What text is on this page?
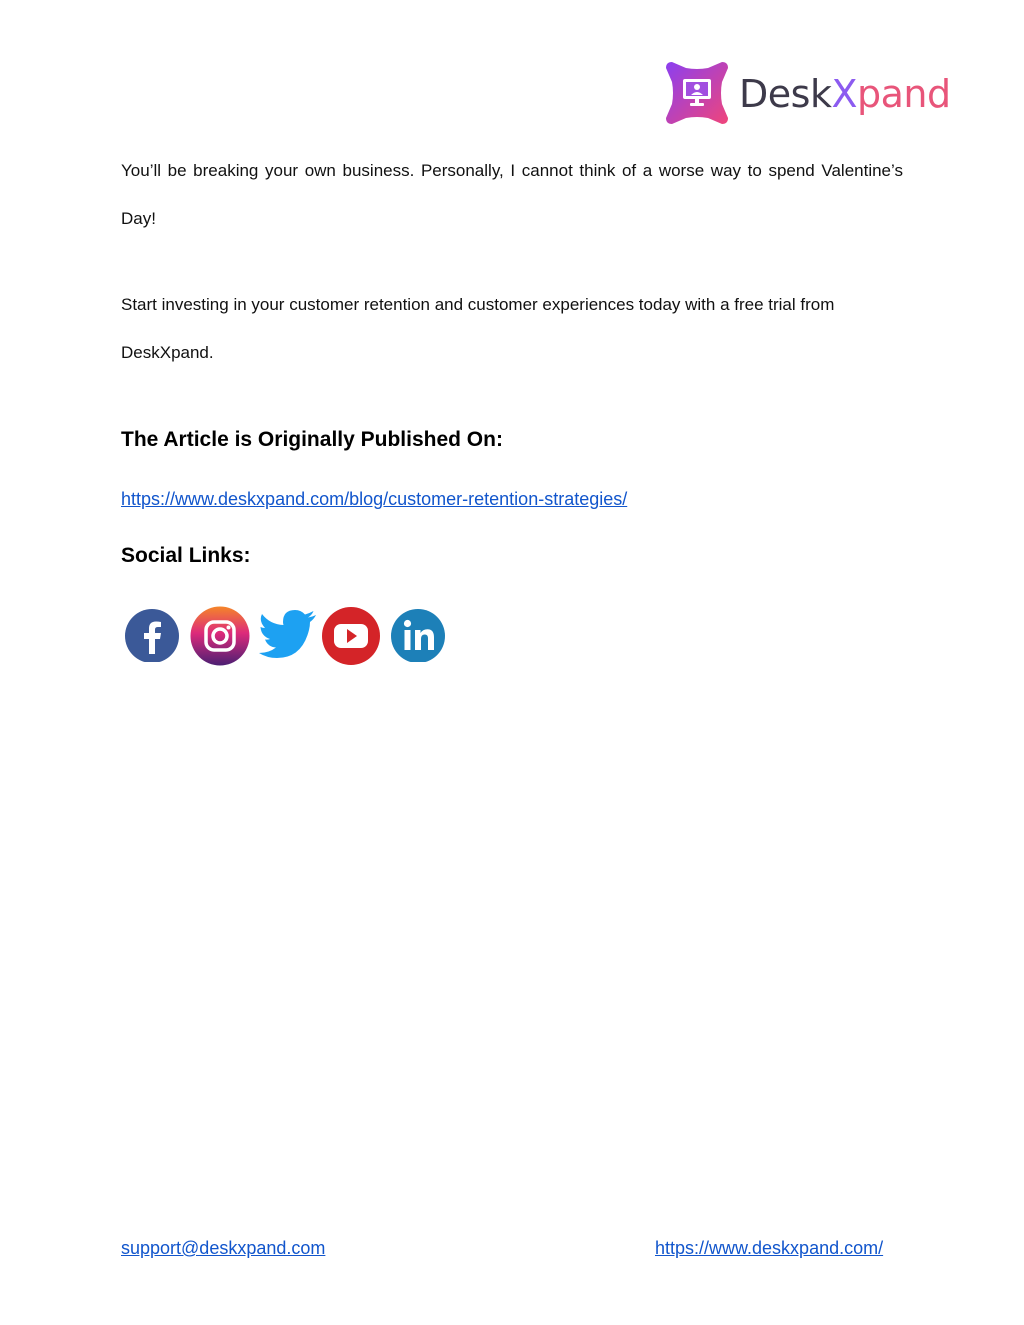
DeskXpand

You’ll be breaking your own business. Personally, I cannot think of a worse way to spend Valentine’s Day!

Start investing in your customer retention and customer experiences today with a free trial from DeskXpand.

The Article is Originally Published On:
https://www.deskxpand.com/blog/customer-retention-strategies/
Social Links:
support@deskxpand.com	https://www.deskxpand.com/
